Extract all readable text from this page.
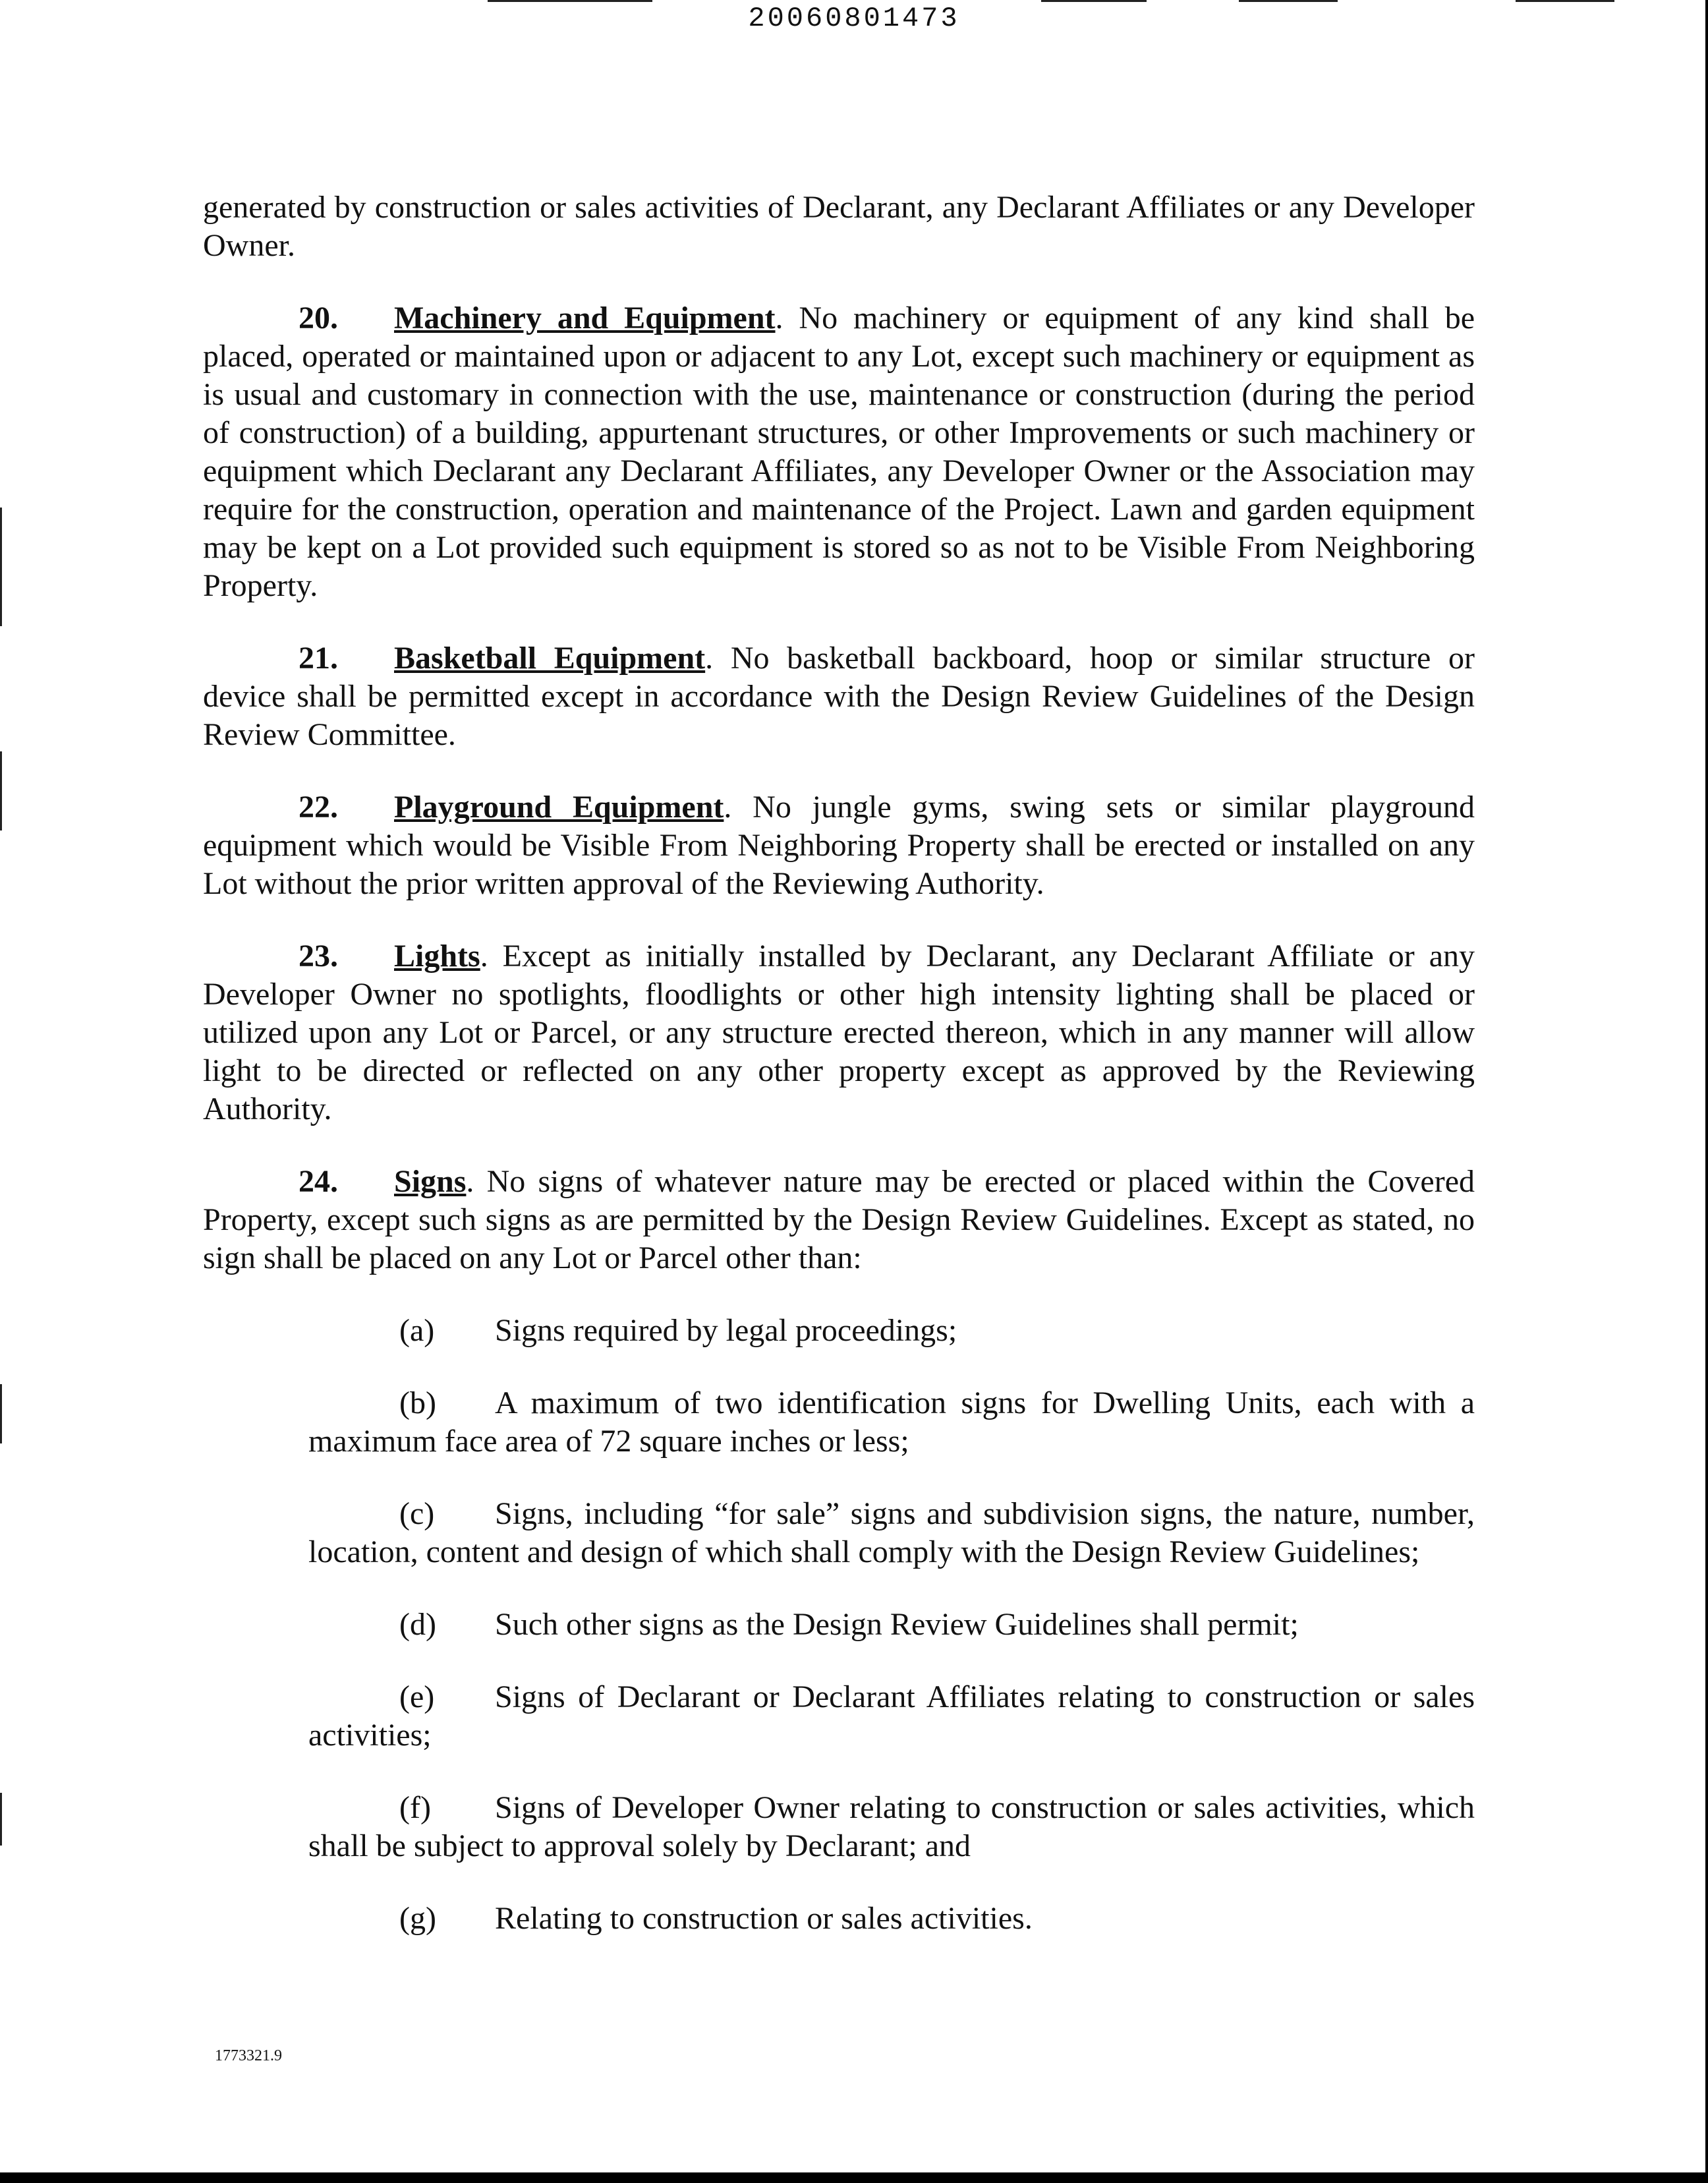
20060801473

generated by construction or sales activities of Declarant, any Declarant Affiliates or any Developer Owner.

20. Machinery and Equipment. No machinery or equipment of any kind shall be placed, operated or maintained upon or adjacent to any Lot, except such machinery or equipment as is usual and customary in connection with the use, maintenance or construction (during the period of construction) of a building, appurtenant structures, or other Improvements or such machinery or equipment which Declarant any Declarant Affiliates, any Developer Owner or the Association may require for the construction, operation and maintenance of the Project. Lawn and garden equipment may be kept on a Lot provided such equipment is stored so as not to be Visible From Neighboring Property.

21. Basketball Equipment. No basketball backboard, hoop or similar structure or device shall be permitted except in accordance with the Design Review Guidelines of the Design Review Committee.

22. Playground Equipment. No jungle gyms, swing sets or similar playground equipment which would be Visible From Neighboring Property shall be erected or installed on any Lot without the prior written approval of the Reviewing Authority.

23. Lights. Except as initially installed by Declarant, any Declarant Affiliate or any Developer Owner no spotlights, floodlights or other high intensity lighting shall be placed or utilized upon any Lot or Parcel, or any structure erected thereon, which in any manner will allow light to be directed or reflected on any other property except as approved by the Reviewing Authority.

24. Signs. No signs of whatever nature may be erected or placed within the Covered Property, except such signs as are permitted by the Design Review Guidelines. Except as stated, no sign shall be placed on any Lot or Parcel other than:

(a) Signs required by legal proceedings;
(b) A maximum of two identification signs for Dwelling Units, each with a maximum face area of 72 square inches or less;
(c) Signs, including “for sale” signs and subdivision signs, the nature, number, location, content and design of which shall comply with the Design Review Guidelines;
(d) Such other signs as the Design Review Guidelines shall permit;
(e) Signs of Declarant or Declarant Affiliates relating to construction or sales activities;
(f) Signs of Developer Owner relating to construction or sales activities, which shall be subject to approval solely by Declarant; and
(g) Relating to construction or sales activities.
1773321.9
